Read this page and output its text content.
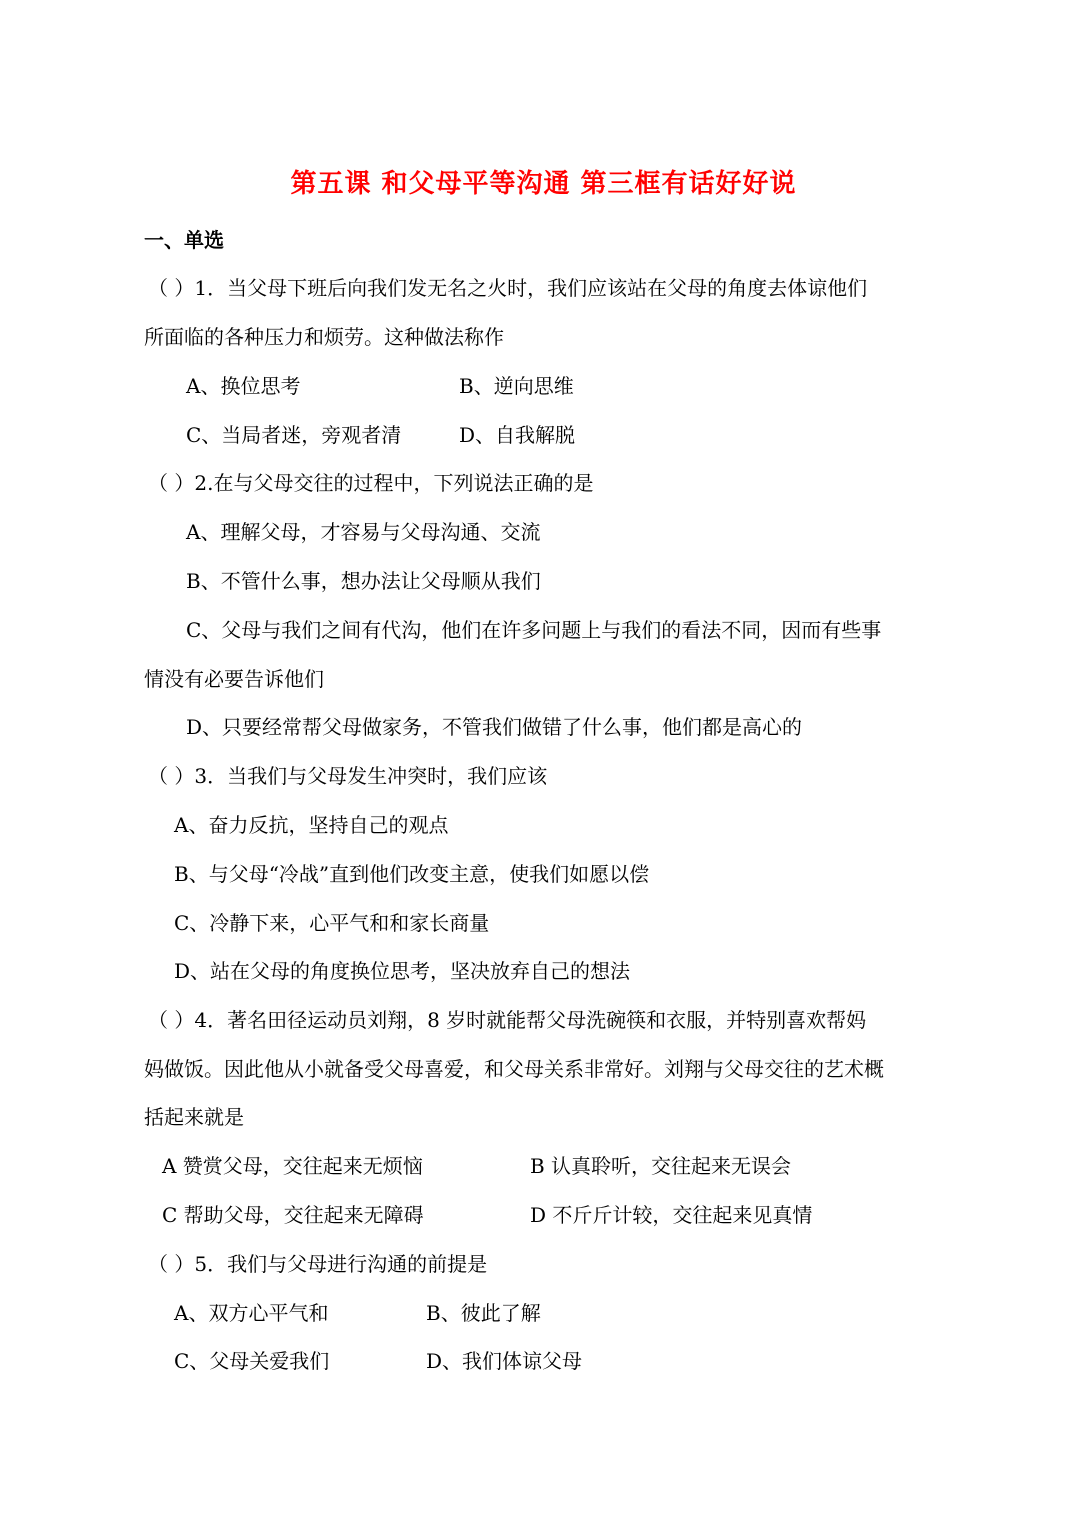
第五课 和父母平等沟通 第三框有话好好说
一、单选
（ ）1．当父母下班后向我们发无名之火时，我们应该站在父母的角度去体谅他们
所面临的各种压力和烦劳。这种做法称作
A、换位思考	B、逆向思维
C、当局者迷，旁观者清	D、自我解脱
（ ）2.在与父母交往的过程中，下列说法正确的是
A、理解父母，才容易与父母沟通、交流
B、不管什么事，想办法让父母顺从我们
C、父母与我们之间有代沟，他们在许多问题上与我们的看法不同，因而有些事
情没有必要告诉他们
D、只要经常帮父母做家务，不管我们做错了什么事，他们都是高心的
（ ）3．当我们与父母发生冲突时，我们应该
A、奋力反抗，坚持自己的观点
B、与父母“冷战”直到他们改变主意，使我们如愿以偿
C、冷静下来，心平气和和家长商量
D、站在父母的角度换位思考，坚决放弃自己的想法
（ ）4．著名田径运动员刘翔，8 岁时就能帮父母洗碗筷和衣服，并特别喜欢帮妈
妈做饭。因此他从小就备受父母喜爱，和父母关系非常好。刘翔与父母交往的艺术概
括起来就是
A 赞赏父母，交往起来无烦恼	B 认真聆听，交往起来无误会
C 帮助父母，交往起来无障碍	D 不斤斤计较，交往起来见真情
（ ）5．我们与父母进行沟通的前提是
A、双方心平气和	B、彼此了解
C、父母关爱我们	D、我们体谅父母
